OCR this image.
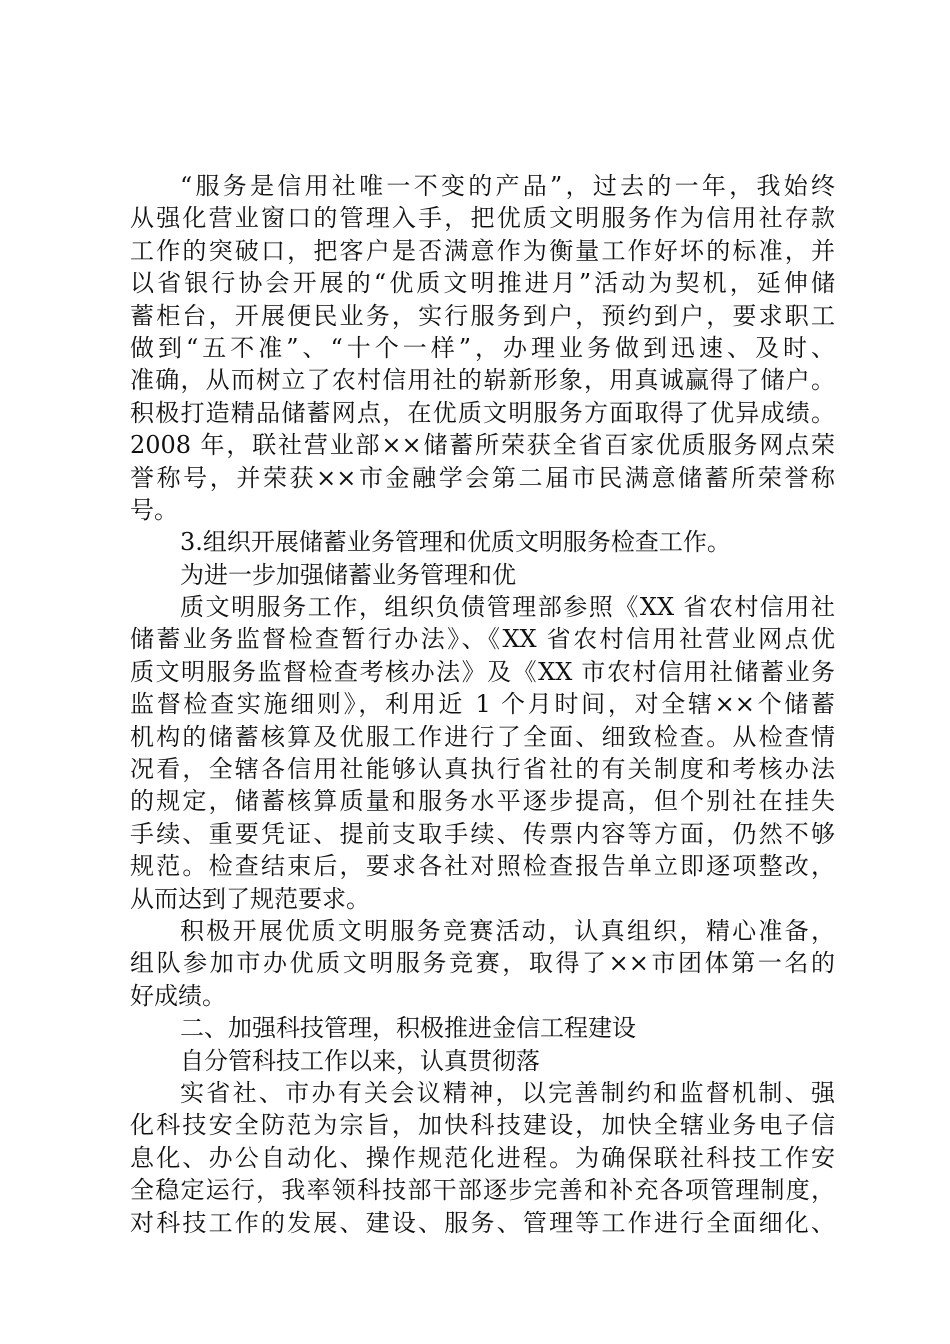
“服务是信用社唯一不变的产品”，过去的一年，我始终
从强化营业窗口的管理入手，把优质文明服务作为信用社存款
工作的突破口，把客户是否满意作为衡量工作好坏的标准，并
以省银行协会开展的“优质文明推进月”活动为契机，延伸储
蓄柜台，开展便民业务，实行服务到户，预约到户，要求职工
做到“五不准”、“十个一样”，办理业务做到迅速、及时、
准确，从而树立了农村信用社的崭新形象，用真诚赢得了储户。
积极打造精品储蓄网点，在优质文明服务方面取得了优异成绩。
2008 年，联社营业部××储蓄所荣获全省百家优质服务网点荣
誉称号，并荣获××市金融学会第二届市民满意储蓄所荣誉称
号。
3.组织开展储蓄业务管理和优质文明服务检查工作。
为进一步加强储蓄业务管理和优
质文明服务工作，组织负债管理部参照《XX 省农村信用社
储蓄业务监督检查暂行办法》、《XX 省农村信用社营业网点优
质文明服务监督检查考核办法》及《XX 市农村信用社储蓄业务
监督检查实施细则》，利用近 1 个月时间，对全辖××个储蓄
机构的储蓄核算及优服工作进行了全面、细致检查。从检查情
况看，全辖各信用社能够认真执行省社的有关制度和考核办法
的规定，储蓄核算质量和服务水平逐步提高，但个别社在挂失
手续、重要凭证、提前支取手续、传票内容等方面，仍然不够
规范。检查结束后，要求各社对照检查报告单立即逐项整改，
从而达到了规范要求。
积极开展优质文明服务竞赛活动，认真组织，精心准备，
组队参加市办优质文明服务竞赛，取得了××市团体第一名的
好成绩。
二、加强科技管理，积极推进金信工程建设
自分管科技工作以来，认真贯彻落
实省社、市办有关会议精神，以完善制约和监督机制、强
化科技安全防范为宗旨，加快科技建设，加快全辖业务电子信
息化、办公自动化、操作规范化进程。为确保联社科技工作安
全稳定运行，我率领科技部干部逐步完善和补充各项管理制度，
对科技工作的发展、建设、服务、管理等工作进行全面细化、
